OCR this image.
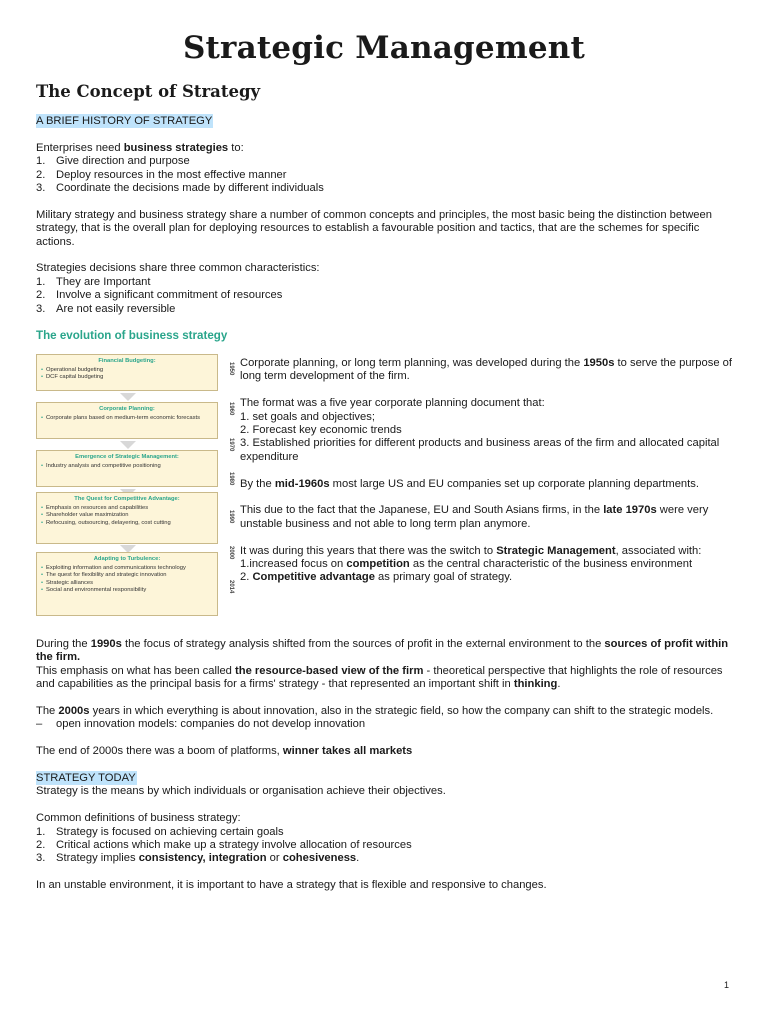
Strategic Management
The Concept of Strategy

A BRIEF HISTORY OF STRATEGY

Enterprises need business strategies to:

1. Give direction and purpose
2. Deploy resources in the most effective manner
3. Coordinate the decisions made by different individuals

Military strategy and business strategy share a number of common concepts and principles, the most basic being the distinction between strategy, that is the overall plan for deploying resources to establish a favourable position and tactics, that are the schemes for specific actions.

Strategies decisions share three common characteristics:

1. They are Important
2. Involve a significant commitment of resources
3. Are not easily reversible

The evolution of business strategy

Financial Budgeting:
• Operational budgeting
• DCF capital budgeting
Corporate Planning:
• Corporate plans based on medium-term economic forecasts
Emergence of Strategic Management:
• Industry analysis and competitive positioning
The Quest for Competitive Advantage:
• Emphasis on resources and capabilities
• Shareholder value maximization
• Refocusing, outsourcing, delayering, cost cutting
Adapting to Turbulence:
• Exploiting information and communications technology
• The quest for flexibility and strategic innovation
• Strategic alliances
• Social and environmental responsibility
1950
1960
1970
1980
1990
2000
2014

Corporate planning, or long term planning, was developed during the 1950s to serve the purpose of long term development of the firm.

The format was a five year corporate planning document that:

1. set goals and objectives;

2. Forecast key economic trends

3. Established priorities for different products and business areas of the firm and allocated capital expenditure

By the mid-1960s most large US and EU companies set up corporate planning departments.

This due to the fact that the Japanese, EU and South Asians firms, in the late 1970s were very unstable business and not able to long term plan anymore.

It was during this years that there was the switch to Strategic Management, associated with:

1.increased focus on competition as the central characteristic of the business environment

2. Competitive advantage as primary goal of strategy.

During the 1990s the focus of strategy analysis shifted from the sources of profit in the external environment to the sources of profit within the firm.

This emphasis on what has been called the resource-based view of the firm - theoretical perspective that highlights the role of resources and capabilities as the principal basis for a firms' strategy - that represented an important shift in thinking.

The 2000s years in which everything is about innovation, also in the strategic field, so how the company can shift to the strategic models.

– open innovation models: companies do not develop innovation

The end of 2000s there was a boom of platforms, winner takes all markets

STRATEGY TODAY

Strategy is the means by which individuals or organisation achieve their objectives.

Common definitions of business strategy:

1. Strategy is focused on achieving certain goals
2. Critical actions which make up a strategy involve allocation of resources
3. Strategy implies consistency, integration or cohesiveness.

In an unstable environment, it is important to have a strategy that is flexible and responsive to changes.

1
